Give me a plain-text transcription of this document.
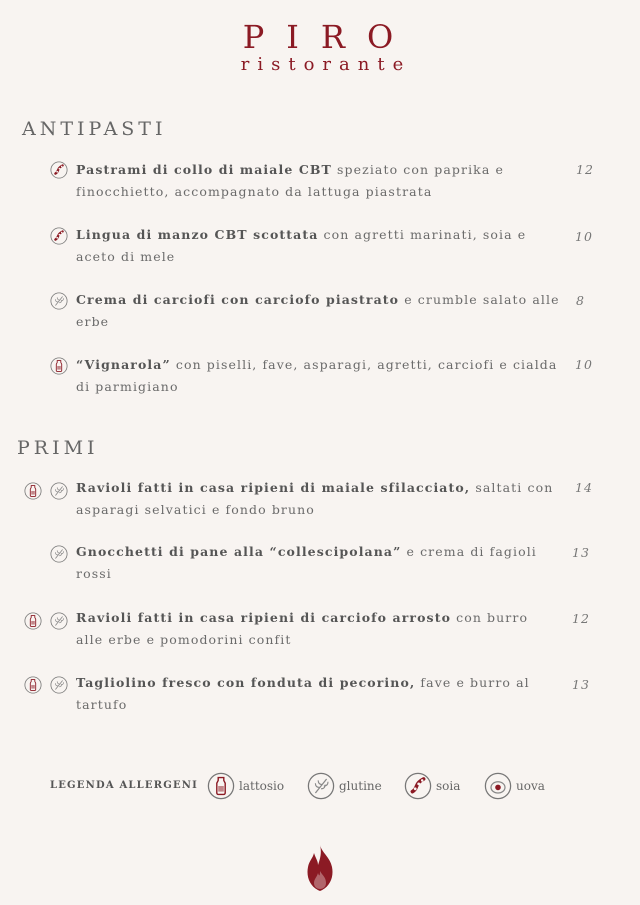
PIRO
ristorante
ANTIPASTI
Pastrami di collo di maiale CBT speziato con paprika e finocchietto, accompagnato da lattuga piastrata
12
Lingua di manzo CBT scottata con agretti marinati, soia e aceto di mele
10
Crema di carciofi con carciofo piastrato e crumble salato alle erbe
8
“Vignarola” con piselli, fave, asparagi, agretti, carciofi e cialda di parmigiano
10
PRIMI
Ravioli fatti in casa ripieni di maiale sfilacciato, saltati con asparagi selvatici e fondo bruno
14
Gnocchetti di pane alla “collescipolana” e crema di fagioli rossi
13
Ravioli fatti in casa ripieni di carciofo arrosto con burro alle erbe e pomodorini confit
12
Tagliolino fresco con fonduta di pecorino, fave e burro al tartufo
13
LEGENDA ALLERGENI	lattosio	glutine	soia	uova
